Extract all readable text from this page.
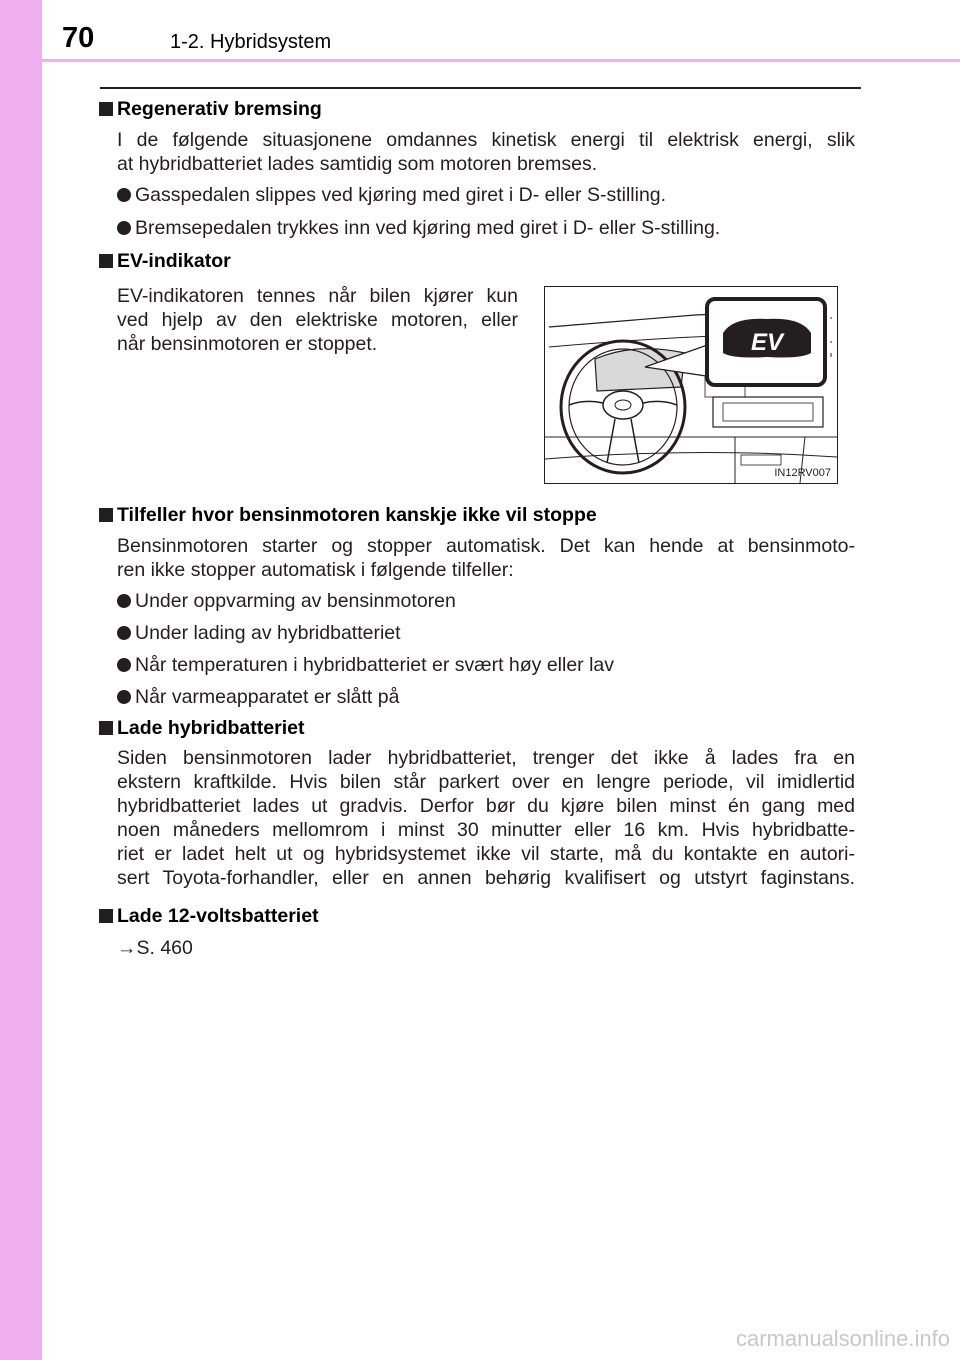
70	1-2. Hybridsystem
Regenerativ bremsing
I de følgende situasjonene omdannes kinetisk energi til elektrisk energi, slik
at hybridbatteriet lades samtidig som motoren bremses.
Gasspedalen slippes ved kjøring med giret i D- eller S-stilling.
Bremsepedalen trykkes inn ved kjøring med giret i D- eller S-stilling.
EV-indikator
EV-indikatoren tennes når bilen kjører kun
ved hjelp av den elektriske motoren, eller
når bensinmotoren er stoppet.	EV
IN12RV007
Tilfeller hvor bensinmotoren kanskje ikke vil stoppe
Bensinmotoren starter og stopper automatisk. Det kan hende at bensinmoto-
ren ikke stopper automatisk i følgende tilfeller:
Under oppvarming av bensinmotoren
Under lading av hybridbatteriet
Når temperaturen i hybridbatteriet er svært høy eller lav
Når varmeapparatet er slått på
Lade hybridbatteriet
Siden bensinmotoren lader hybridbatteriet, trenger det ikke å lades fra en
ekstern kraftkilde. Hvis bilen står parkert over en lengre periode, vil imidlertid
hybridbatteriet lades ut gradvis. Derfor bør du kjøre bilen minst én gang med
noen måneders mellomrom i minst 30 minutter eller 16 km. Hvis hybridbatte-
riet er ladet helt ut og hybridsystemet ikke vil starte, må du kontakte en autori-
sert Toyota-forhandler, eller en annen behørig kvalifisert og utstyrt faginstans.
Lade 12-voltsbatteriet
→S. 460
carmanualsonline.info
